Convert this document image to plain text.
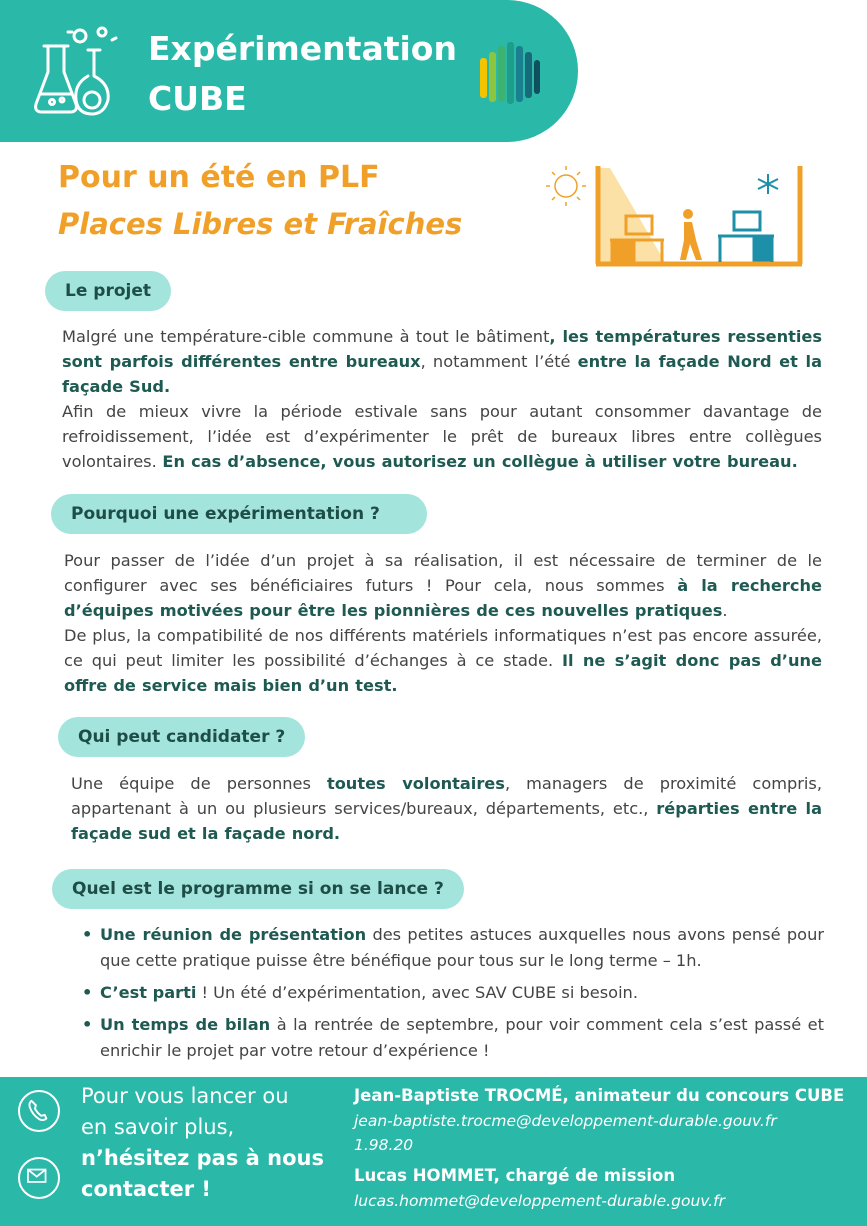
Expérimentation
CUBE
Pour un été en PLF
Places Libres et Fraîches
Le projet

Malgré une température-cible commune à tout le bâtiment, les températures ressenties sont parfois différentes entre bureaux, notamment l’été entre la façade Nord et la façade Sud.

Afin de mieux vivre la période estivale sans pour autant consommer davantage de refroidissement, l’idée est d’expérimenter le prêt de bureaux libres entre collègues volontaires. En cas d’absence, vous autorisez un collègue à utiliser votre bureau.

Pourquoi une expérimentation ?

Pour passer de l’idée d’un projet à sa réalisation, il est nécessaire de terminer de le configurer avec ses bénéficiaires futurs ! Pour cela, nous sommes à la recherche d’équipes motivées pour être les pionnières de ces nouvelles pratiques.

De plus, la compatibilité de nos différents matériels informatiques n’est pas encore assurée, ce qui peut limiter les possibilité d’échanges à ce stade. Il ne s’agit donc pas d’une offre de service mais bien d’un test.

Qui peut candidater ?

Une équipe de personnes toutes volontaires, managers de proximité compris, appartenant à un ou plusieurs services/bureaux, départements, etc., réparties entre la façade sud et la façade nord.

Quel est le programme si on se lance ?
• Une réunion de présentation des petites astuces auxquelles nous avons pensé pour que cette pratique puisse être bénéfique pour tous sur le long terme – 1h.
• C’est parti ! Un été d’expérimentation, avec SAV CUBE si besoin.
• Un temps de bilan à la rentrée de septembre, pour voir comment cela s’est passé et enrichir le projet par votre retour d’expérience !
Pour vous lancer ou
en savoir plus,
n’hésitez pas à nous
contacter !
Jean-Baptiste TROCMÉ, animateur du concours CUBE
jean-baptiste.trocme@developpement-durable.gouv.fr
1.98.20
Lucas HOMMET, chargé de mission
lucas.hommet@developpement-durable.gouv.fr
